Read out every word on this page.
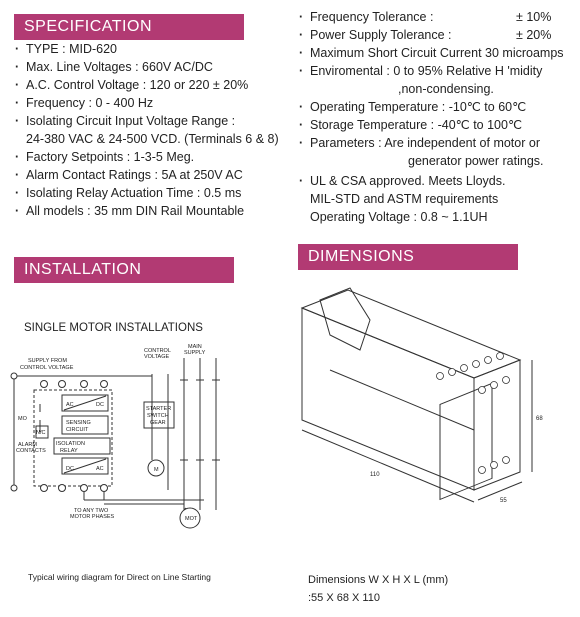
SPECIFICATION
· TYPE : MID-620
· Max. Line Voltages : 660V AC/DC
· A.C. Control Voltage : 120 or 220 ± 20%
· Frequency : 0 - 400 Hz
· Isolating Circuit Input Voltage Range :
24-380 VAC & 24-500 VCD. (Terminals 6 & 8)
· Factory Setpoints : 1-3-5 Meg.
· Alarm Contact Ratings : 5A at 250V AC
· Isolating Relay Actuation Time : 0.5 ms
· All models : 35 mm DIN Rail Mountable
· Frequency Tolerance :	± 10%
· Power Supply Tolerance :	± 20%
· Maximum Short Circuit Current 30 microamps
· Enviromental : 0 to 95% Relative H 'midity
,non-condensing.
· Operating Temperature : -10℃ to 60℃
· Storage Temperature : -40℃ to 100℃
· Parameters : Are independent of motor or
generator power ratings.
· UL & CSA approved. Meets Lloyds.
MIL-STD and ASTM requirements
Operating Voltage : 0.8 ~ 1.1UH
INSTALLATION
DIMENSIONS
SINGLE MOTOR INSTALLATIONS
SUPPLY FROM
CONTROL VOLTAGE
CONTROL
VOLTAGE
MAIN
SUPPLY
AC	DC
SENSING
CIRCUIT
ISOLATION
RELAY
DC	AC
MO
N/C
ALARM
CONTACTS
STARTER
SWITCH
GEAR
M
MOT
TO ANY TWO
MOTOR PHASES
Typical wiring diagram for Direct on Line Starting
110
55
68
Dimensions W X H X L (mm)
:55 X 68 X 110
